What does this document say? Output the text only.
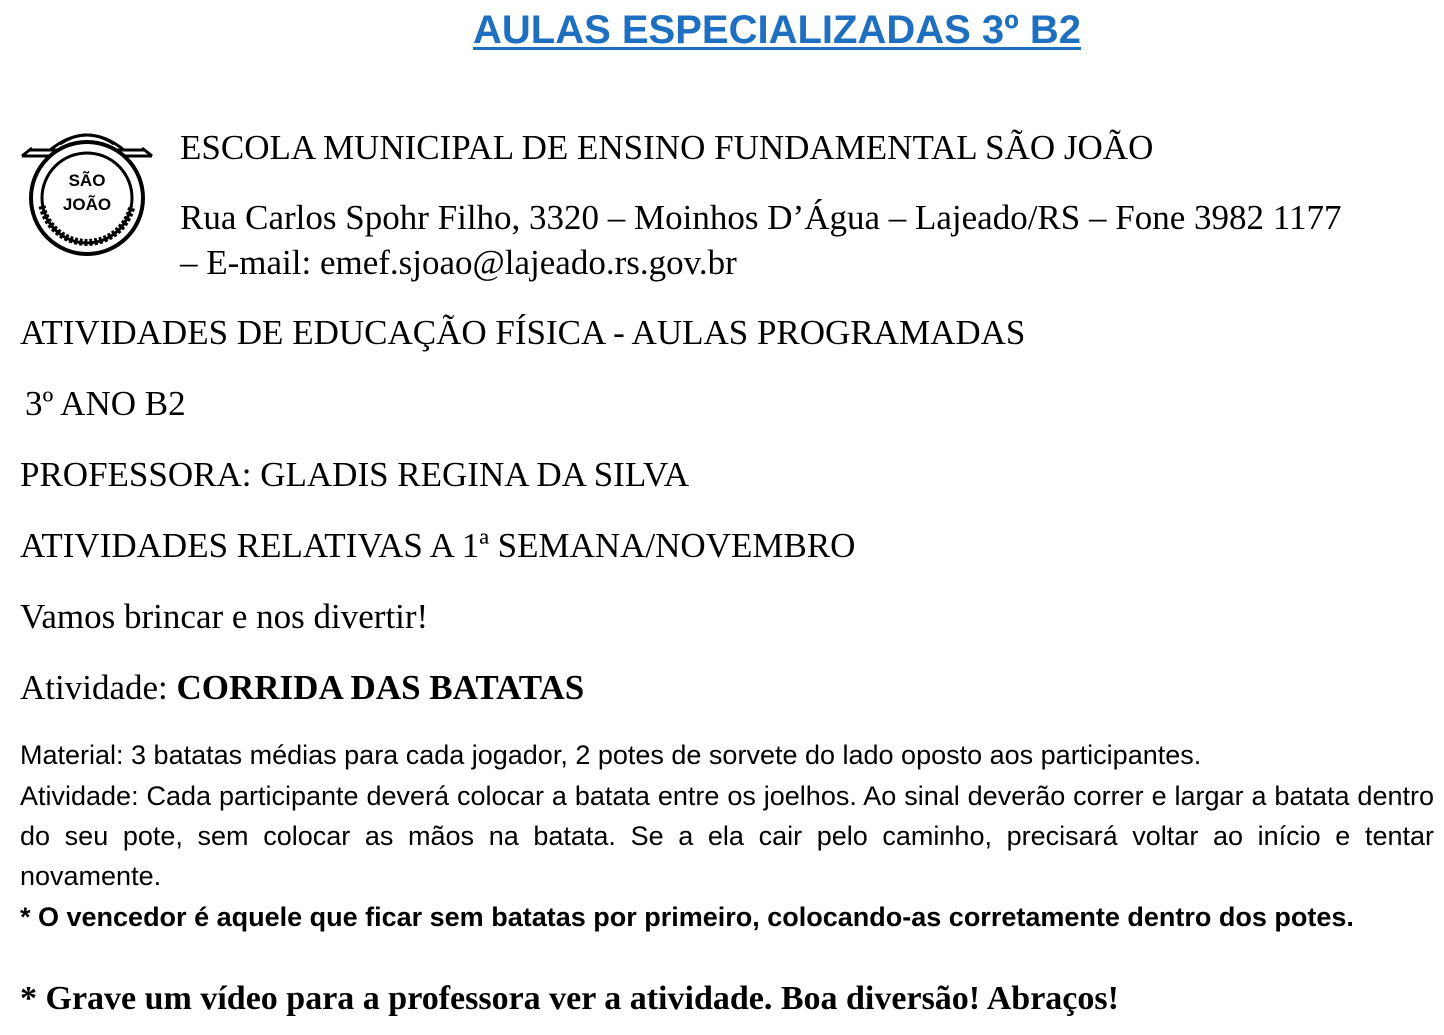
AULAS ESPECIALIZADAS 3º B2
SÃO
JOÃO
ESCOLA MUNICIPAL DE ENSINO FUNDAMENTAL SÃO JOÃO
Rua Carlos Spohr Filho, 3320 – Moinhos D’Água – Lajeado/RS – Fone 3982 1177
– E-mail: emef.sjoao@lajeado.rs.gov.br
ATIVIDADES DE EDUCAÇÃO FÍSICA - AULAS PROGRAMADAS
3º ANO B2
PROFESSORA: GLADIS REGINA DA SILVA
ATIVIDADES RELATIVAS A 1ª SEMANA/NOVEMBRO
Vamos brincar e nos divertir!
Atividade: CORRIDA DAS BATATAS
Material: 3 batatas médias para cada jogador, 2 potes de sorvete do lado oposto aos participantes.
Atividade: Cada participante deverá colocar a batata entre os joelhos. Ao sinal deverão correr e largar a batata dentro do seu pote, sem colocar as mãos na batata. Se a ela cair pelo caminho, precisará voltar ao início e tentar novamente.
* O vencedor é aquele que ficar sem batatas por primeiro, colocando-as corretamente dentro dos potes.
* Grave um vídeo para a professora ver a atividade. Boa diversão! Abraços!
